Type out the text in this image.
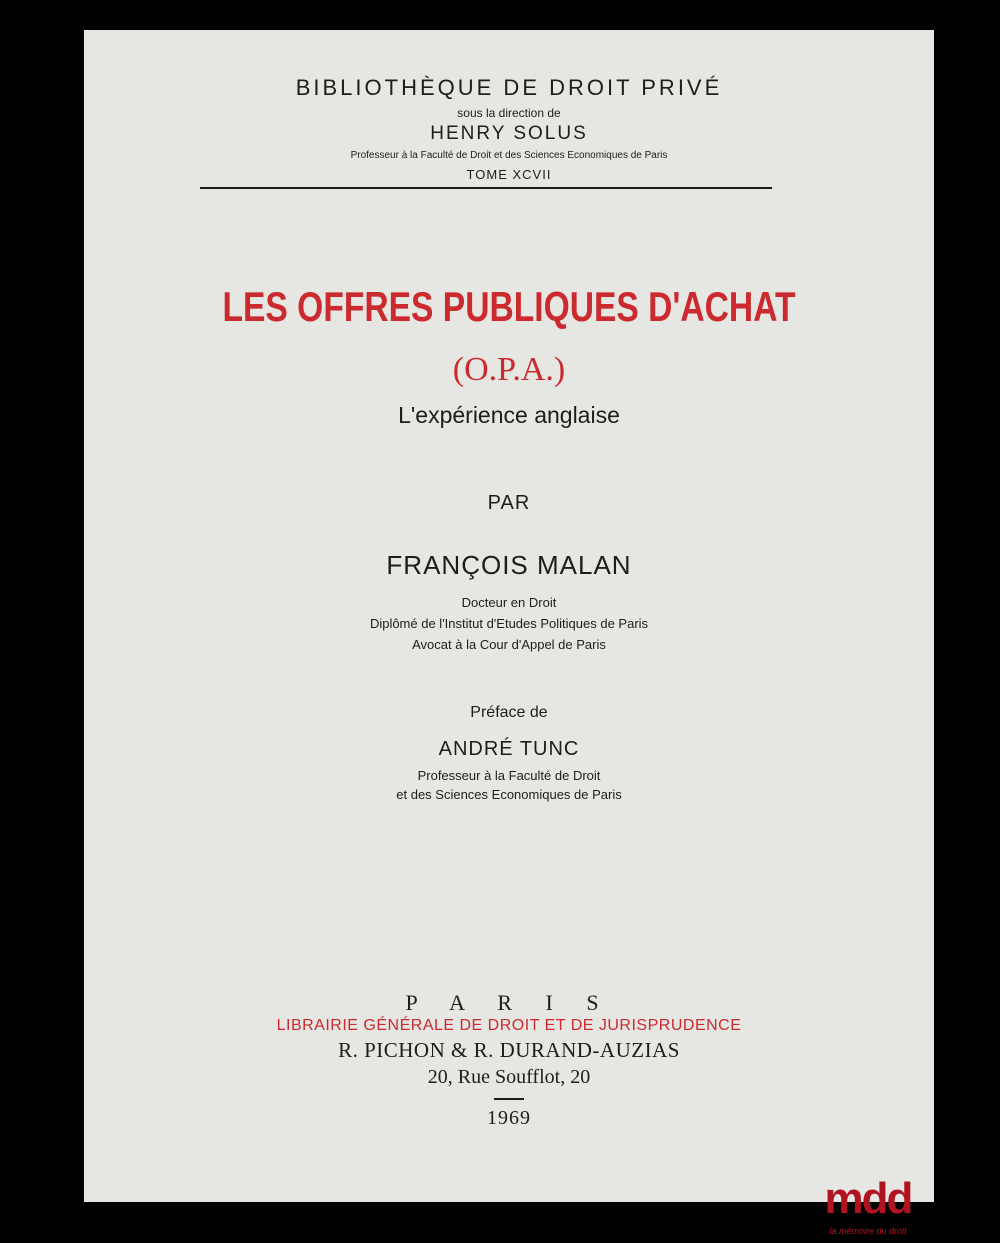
BIBLIOTHÈQUE DE DROIT PRIVÉ
sous la direction de
HENRY SOLUS
Professeur à la Faculté de Droit et des Sciences Economiques de Paris
TOME XCVII
LES OFFRES PUBLIQUES D'ACHAT
(O.P.A.)
L'expérience anglaise
PAR
FRANÇOIS MALAN
Docteur en Droit
Diplômé de l'Institut d'Etudes Politiques de Paris
Avocat à la Cour d'Appel de Paris
Préface de
ANDRÉ TUNC
Professeur à la Faculté de Droit
et des Sciences Economiques de Paris
P A R I S
LIBRAIRIE GÉNÉRALE DE DROIT ET DE JURISPRUDENCE
R. PICHON & R. DURAND-AUZIAS
20, Rue Soufflot, 20
1969
mdd
la mémoire du droit
